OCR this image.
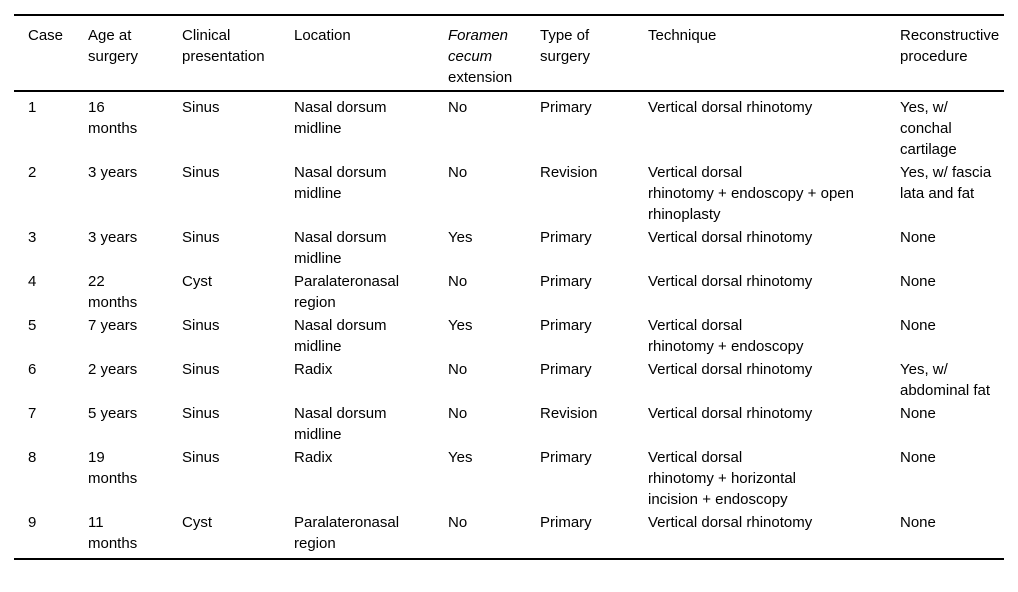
Case	Age at surgery	Clinical presentation	Location	Foramen cecum extension	Type of surgery	Technique	Reconstructive procedure
1	16 months	Sinus	Nasal dorsum midline	No	Primary	Vertical dorsal rhinotomy	Yes, w/ conchal cartilage
2	3 years	Sinus	Nasal dorsum midline	No	Revision	Vertical dorsal rhinotomy + endoscopy + open rhinoplasty	Yes, w/ fascia lata and fat
3	3 years	Sinus	Nasal dorsum midline	Yes	Primary	Vertical dorsal rhinotomy	None
4	22 months	Cyst	Paralateronasal region	No	Primary	Vertical dorsal rhinotomy	None
5	7 years	Sinus	Nasal dorsum midline	Yes	Primary	Vertical dorsal rhinotomy + endoscopy	None
6	2 years	Sinus	Radix	No	Primary	Vertical dorsal rhinotomy	Yes, w/ abdominal fat
7	5 years	Sinus	Nasal dorsum midline	No	Revision	Vertical dorsal rhinotomy	None
8	19 months	Sinus	Radix	Yes	Primary	Vertical dorsal rhinotomy + horizontal incision + endoscopy	None
9	11 months	Cyst	Paralateronasal region	No	Primary	Vertical dorsal rhinotomy	None
